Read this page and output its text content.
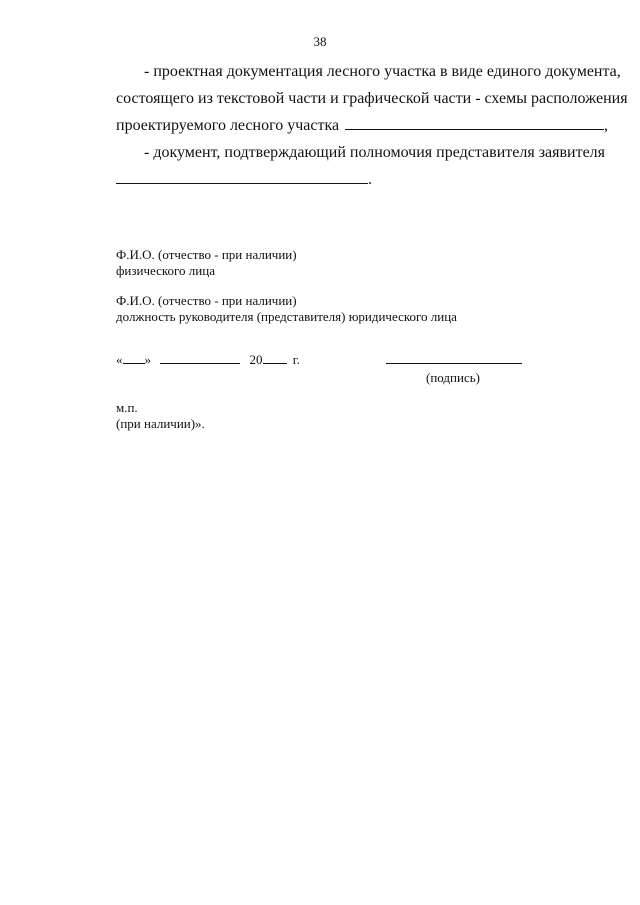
38
- проектная документация лесного участка в виде единого документа,
состоящего из текстовой части и графической части - схемы расположения
проектируемого лесного участка	,
- документ, подтверждающий полномочия представителя заявителя
.
Ф.И.О. (отчество - при наличии)
физического лица
Ф.И.О. (отчество - при наличии)
должность руководителя (представителя) юридического лица
« »	20 г.
(подпись)
м.п.
(при наличии)».
